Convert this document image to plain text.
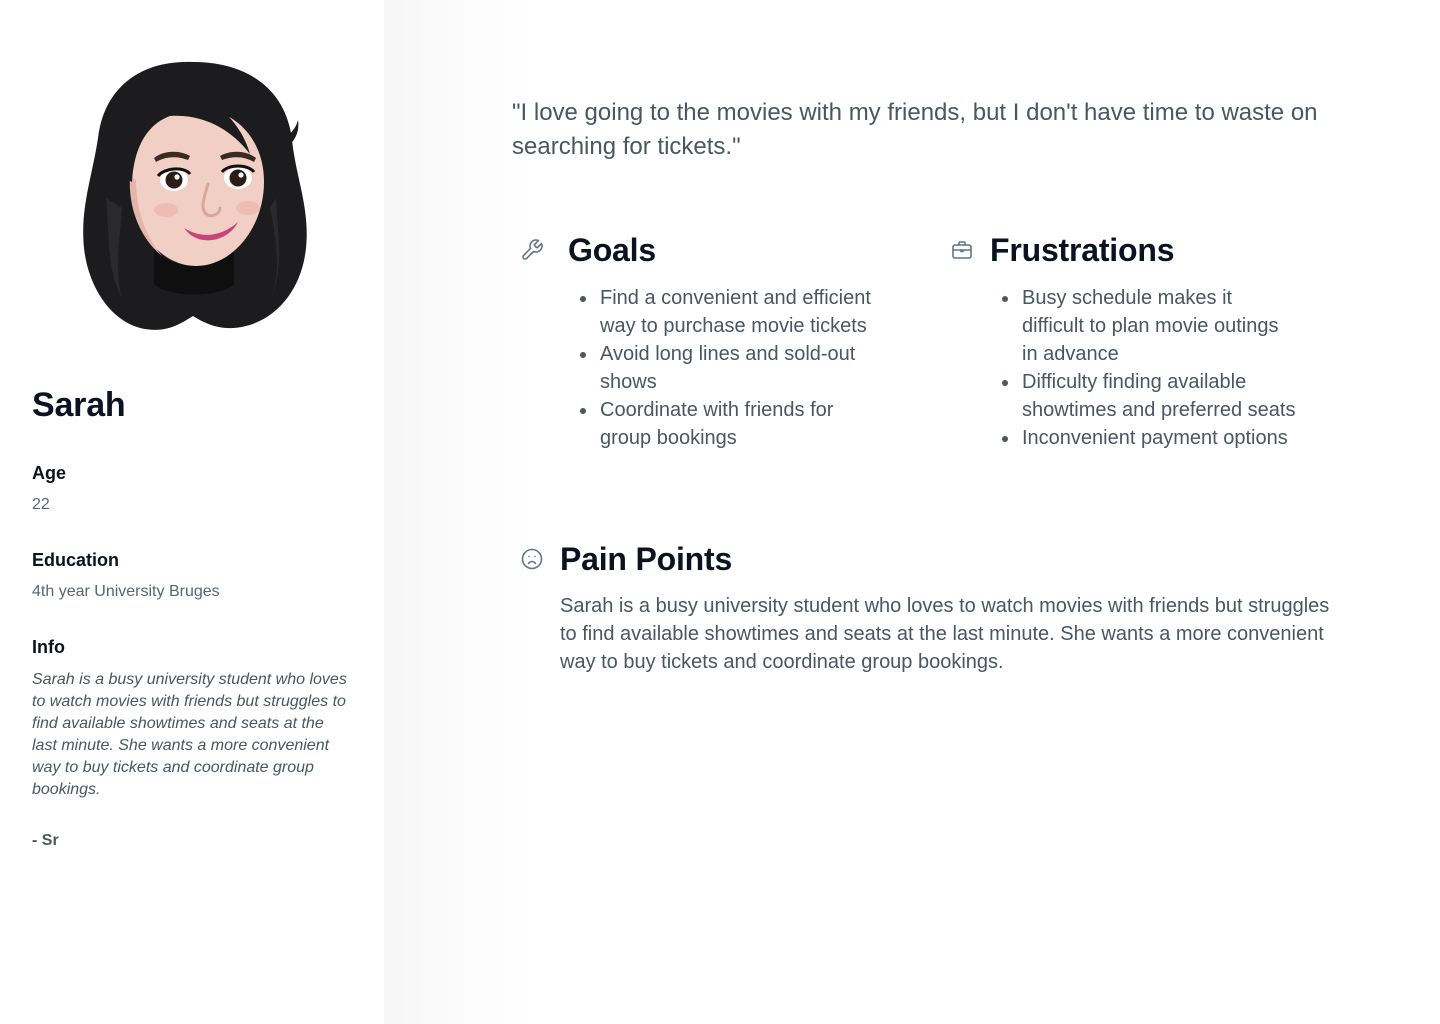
Sarah

Age

22

Education

4th year University Bruges

Info

Sarah is a busy university student who loves to watch movies with friends but struggles to find available showtimes and seats at the last minute. She wants a more convenient way to buy tickets and coordinate group bookings.

- Sr

"I love going to the movies with my friends, but I don't have time to waste on searching for tickets."

Goals
• Find a convenient and efficient way to purchase movie tickets
• Avoid long lines and sold-out shows
• Coordinate with friends for group bookings
Frustrations
• Busy schedule makes it difficult to plan movie outings in advance
• Difficulty finding available showtimes and preferred seats
• Inconvenient payment options
Pain Points

Sarah is a busy university student who loves to watch movies with friends but struggles to find available showtimes and seats at the last minute. She wants a more convenient way to buy tickets and coordinate group bookings.
